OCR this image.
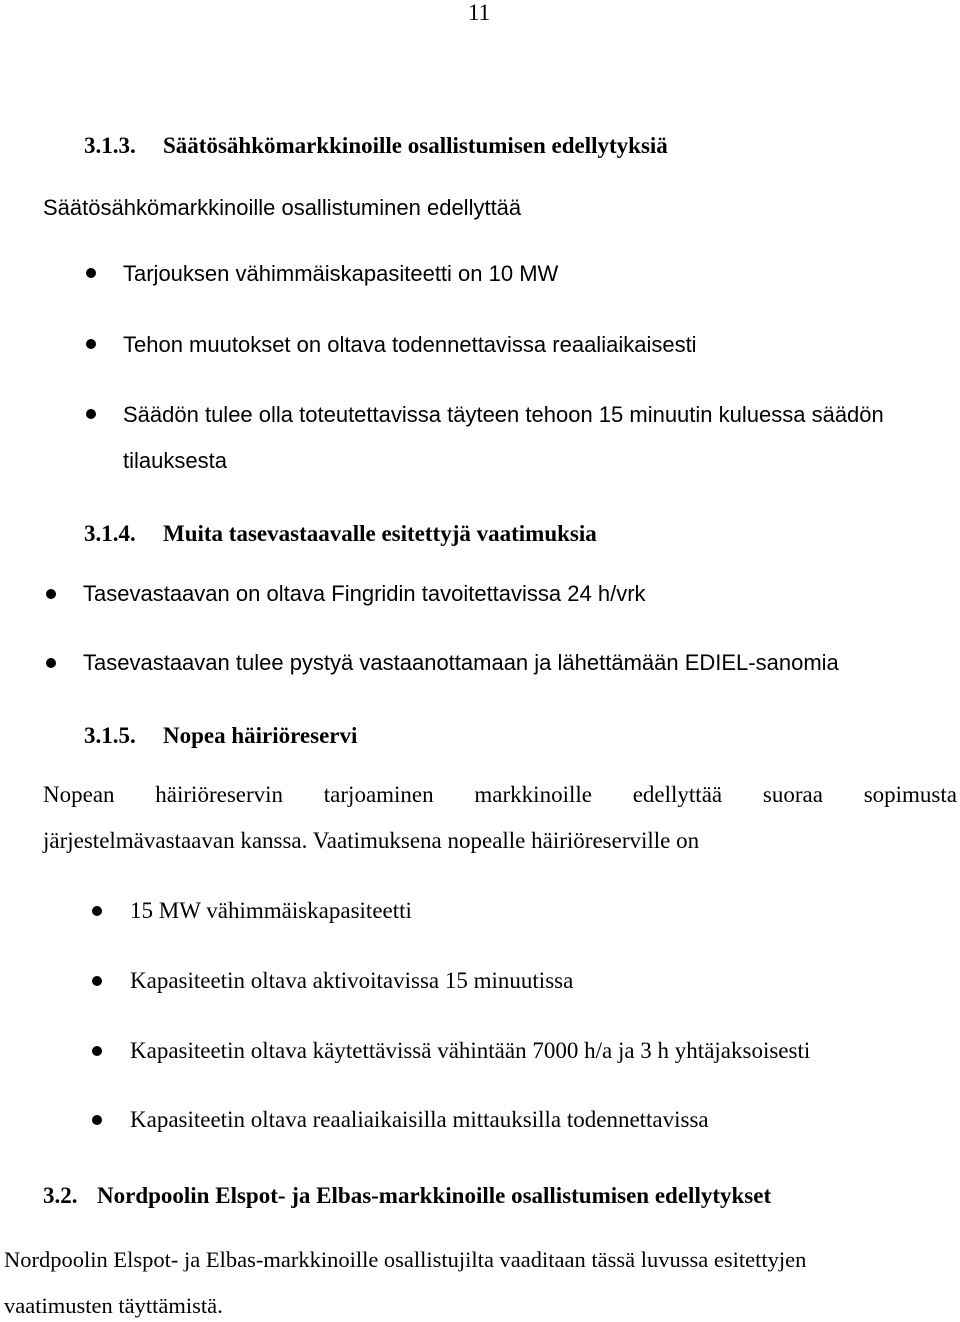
11
3.1.3. Säätösähkömarkkinoille osallistumisen edellytyksiä
Säätösähkömarkkinoille osallistuminen edellyttää
Tarjouksen vähimmäiskapasiteetti on 10 MW
Tehon muutokset on oltava todennettavissa reaaliaikaisesti
Säädön tulee olla toteutettavissa täyteen tehoon 15 minuutin kuluessa säädön
tilauksesta
3.1.4. Muita tasevastaavalle esitettyjä vaatimuksia
Tasevastaavan on oltava Fingridin tavoitettavissa 24 h/vrk
Tasevastaavan tulee pystyä vastaanottamaan ja lähettämään EDIEL-sanomia
3.1.5. Nopea häiriöreservi
Nopean häiriöreservin tarjoaminen markkinoille edellyttää suoraa sopimusta
järjestelmävastaavan kanssa. Vaatimuksena nopealle häiriöreserville on
15 MW vähimmäiskapasiteetti
Kapasiteetin oltava aktivoitavissa 15 minuutissa
Kapasiteetin oltava käytettävissä vähintään 7000 h/a ja 3 h yhtäjaksoisesti
Kapasiteetin oltava reaaliaikaisilla mittauksilla todennettavissa
3.2. Nordpoolin Elspot- ja Elbas-markkinoille osallistumisen edellytykset
Nordpoolin Elspot- ja Elbas-markkinoille osallistujilta vaaditaan tässä luvussa esitettyjen
vaatimusten täyttämistä.
